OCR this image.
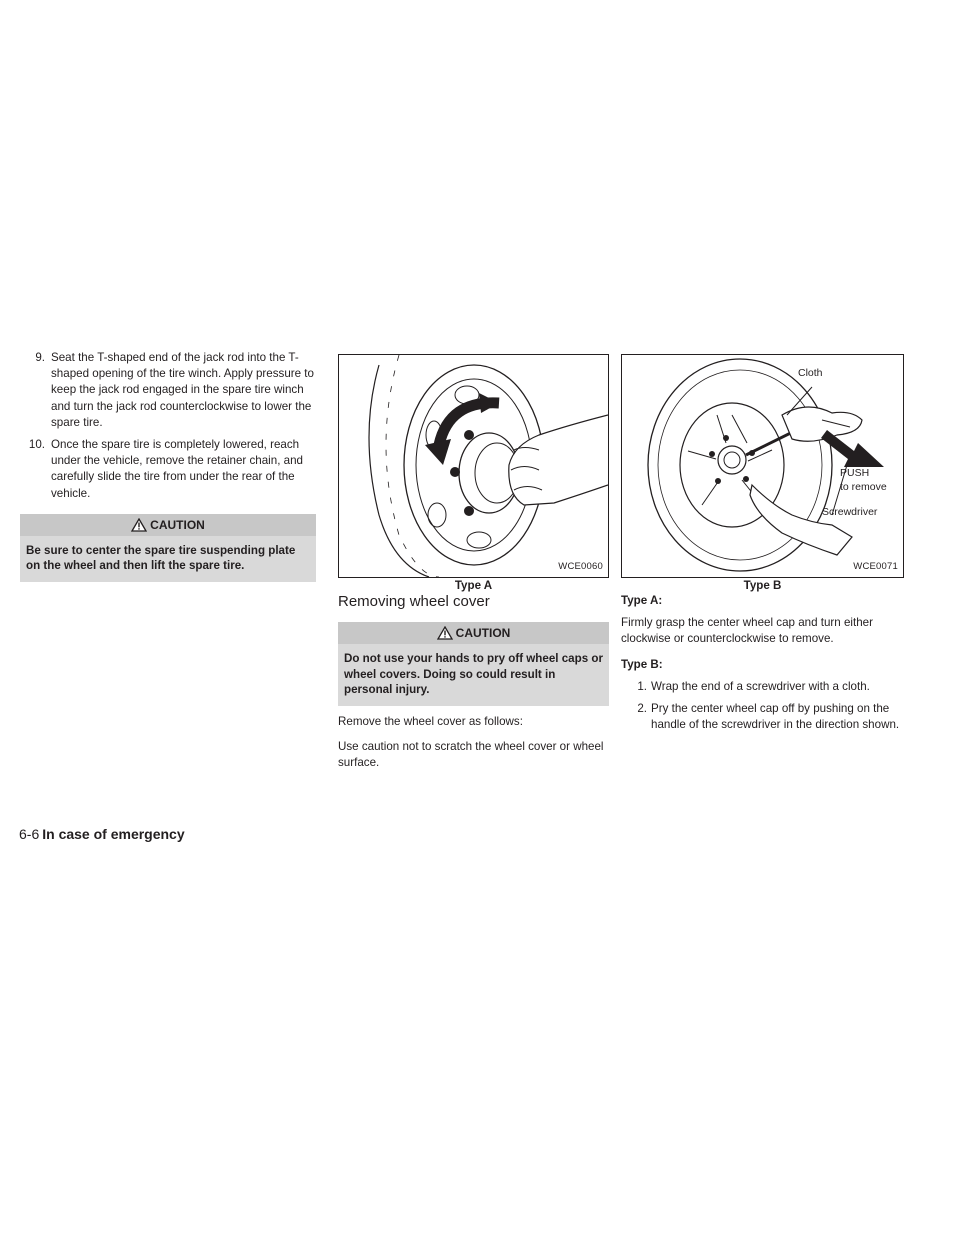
9. Seat the T-shaped end of the jack rod into the T-shaped opening of the tire winch. Apply pressure to keep the jack rod engaged in the spare tire winch and turn the jack rod counterclockwise to lower the spare tire.
10. Once the spare tire is completely lowered, reach under the vehicle, remove the retainer chain, and carefully slide the tire from under the rear of the vehicle.
CAUTION
Be sure to center the spare tire suspending plate on the wheel and then lift the spare tire.	WCE0060
Type A
Removing wheel cover
CAUTION
Do not use your hands to pry off wheel caps or wheel covers. Doing so could result in personal injury.

Remove the wheel cover as follows:

Use caution not to scratch the wheel cover or wheel surface.

Cloth
PUSH
to remove
Screwdriver
WCE0071
Type B
Type A:

Firmly grasp the center wheel cap and turn either clockwise or counterclockwise to remove.

Type B:
1. Wrap the end of a screwdriver with a cloth.
2. Pry the center wheel cap off by pushing on the handle of the screwdriver in the direction shown.
6-6 In case of emergency
